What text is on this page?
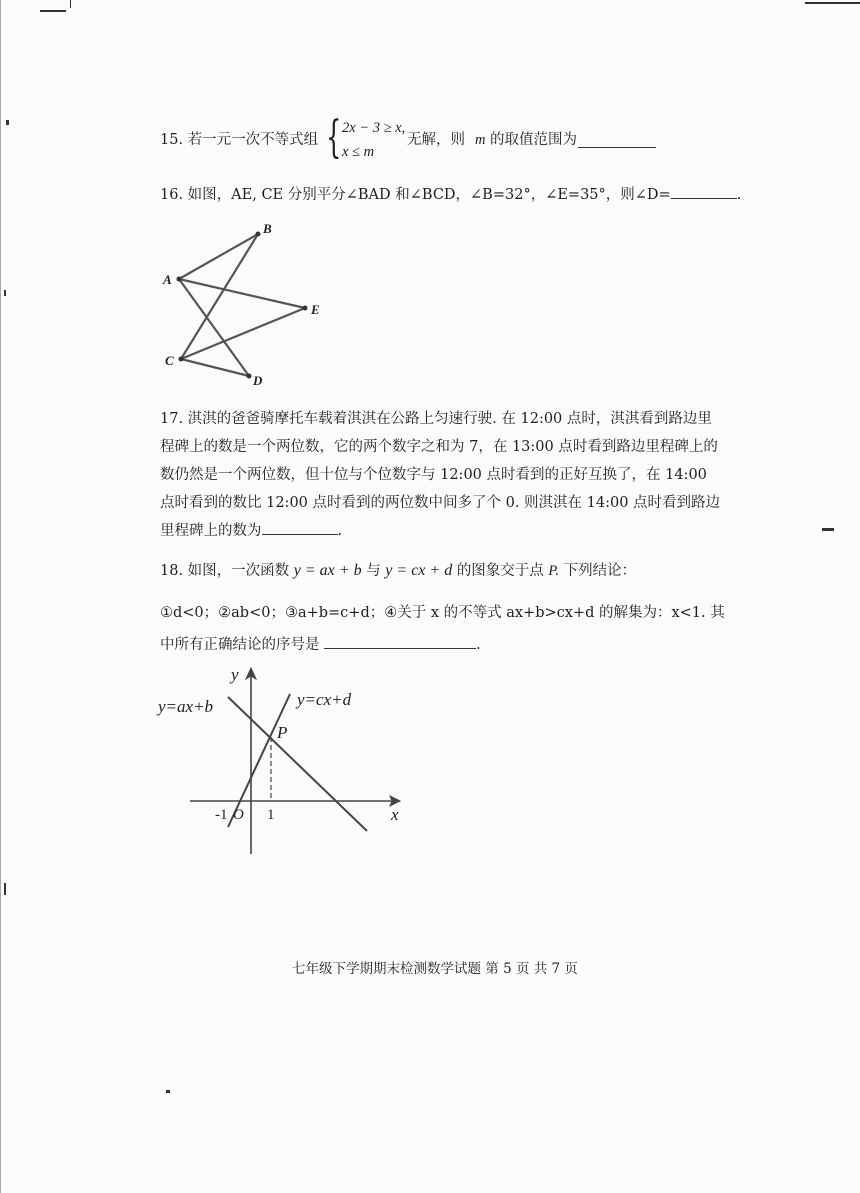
15. 若一元一次不等式组 { 2x − 3 ≥ x,
x ≤ m
无解，则 m 的取值范围为
16. 如图，AE, CE 分别平分∠BAD 和∠BCD，∠B=32°，∠E=35°，则∠D=	.
A
B
C
D
E
17. 淇淇的爸爸骑摩托车载着淇淇在公路上匀速行驶. 在 12:00 点时，淇淇看到路边里
程碑上的数是一个两位数，它的两个数字之和为 7，在 13:00 点时看到路边里程碑上的
数仍然是一个两位数，但十位与个位数字与 12:00 点时看到的正好互换了，在 14:00
点时看到的数比 12:00 点时看到的两位数中间多了个 0. 则淇淇在 14:00 点时看到路边
里程碑上的数为	.
18. 如图，一次函数 y = ax + b 与 y = cx + d 的图象交于点 P. 下列结论：
①d<0；②ab<0；③a+b=c+d；④关于 x 的不等式 ax+b>cx+d 的解集为：x<1. 其
中所有正确结论的序号是	.
y
x
y=ax+b	y=cx+d
P
-1 O 1
七年级下学期期末检测数学试题 第 5 页 共 7 页
